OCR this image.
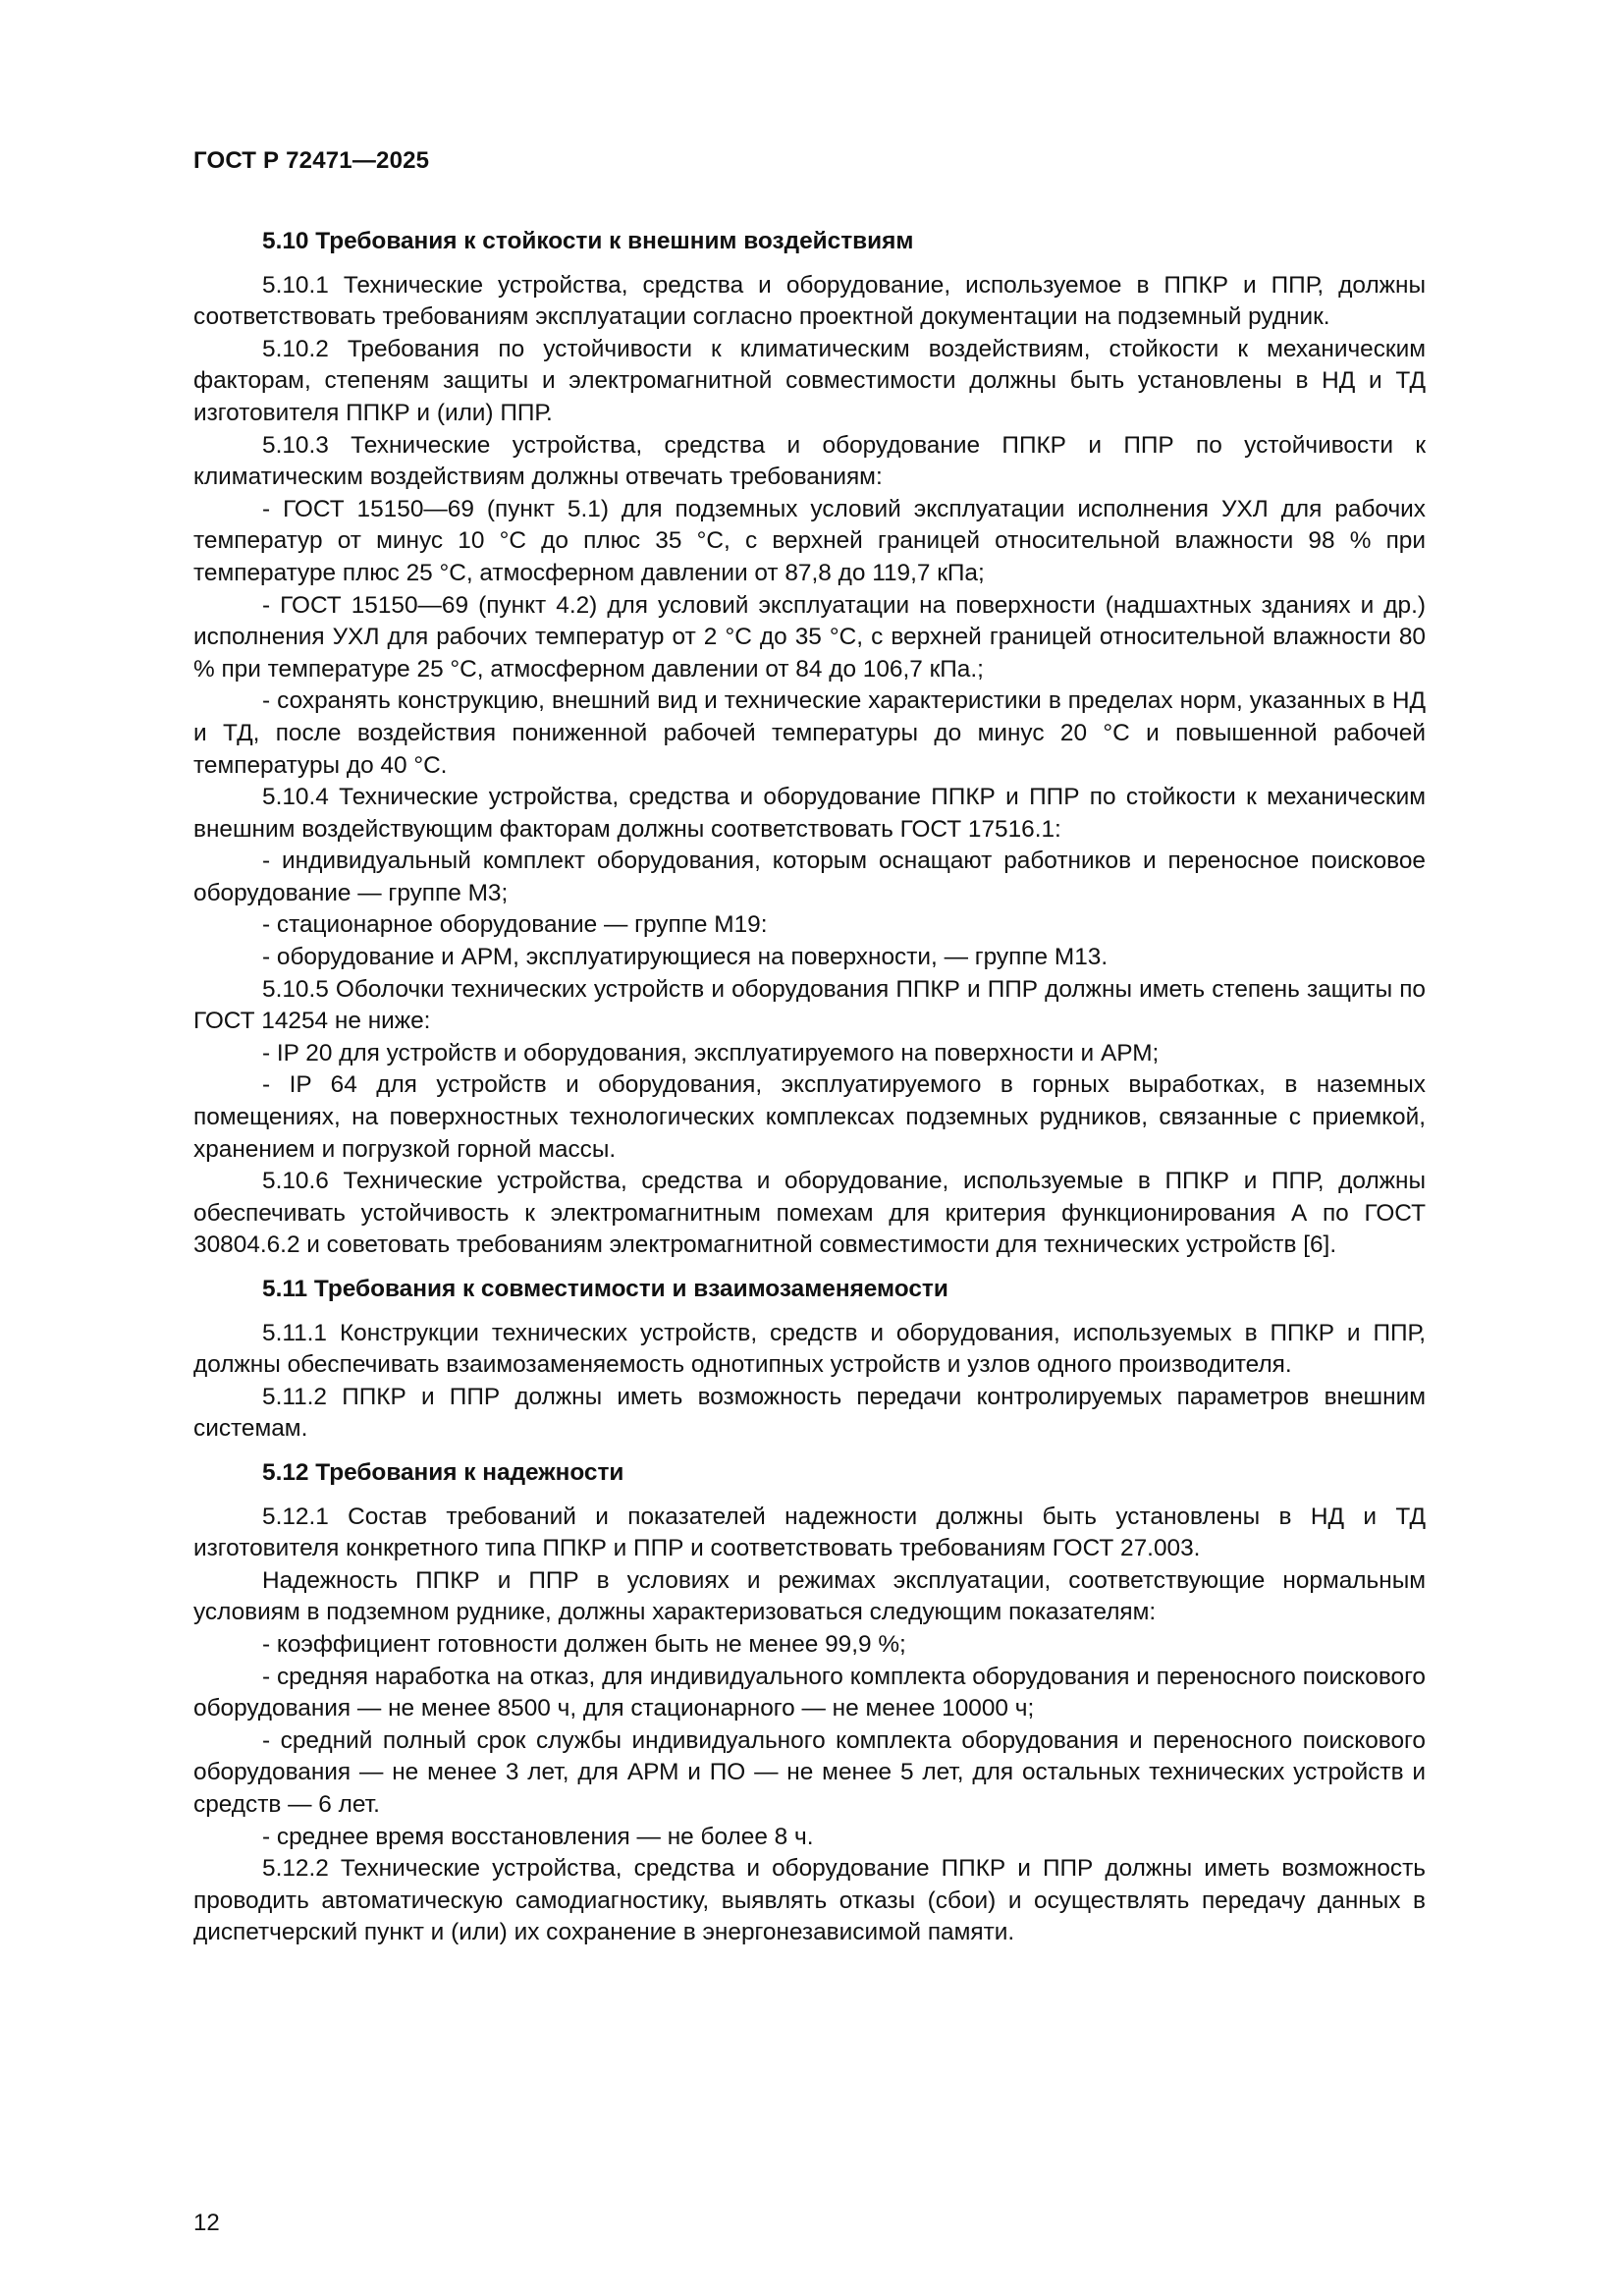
ГОСТ Р 72471—2025

5.10 Требования к стойкости к внешним воздействиям

5.10.1 Технические устройства, средства и оборудование, используемое в ППКР и ППР, должны соответствовать требованиям эксплуатации согласно проектной документации на подземный рудник.

5.10.2 Требования по устойчивости к климатическим воздействиям, стойкости к механическим факторам, степеням защиты и электромагнитной совместимости должны быть установлены в НД и ТД изготовителя ППКР и (или) ППР.

5.10.3 Технические устройства, средства и оборудование ППКР и ППР по устойчивости к климатическим воздействиям должны отвечать требованиям:

- ГОСТ 15150—69 (пункт 5.1) для подземных условий эксплуатации исполнения УХЛ для рабочих температур от минус 10 °С до плюс 35 °С, с верхней границей относительной влажности 98 % при температуре плюс 25 °С, атмосферном давлении от 87,8 до 119,7 кПа;

- ГОСТ 15150—69 (пункт 4.2) для условий эксплуатации на поверхности (надшахтных зданиях и др.) исполнения УХЛ для рабочих температур от 2 °С до 35 °С, с верхней границей относительной влажности 80 % при температуре 25 °С, атмосферном давлении от 84 до 106,7 кПа.;

- сохранять конструкцию, внешний вид и технические характеристики в пределах норм, указанных в НД и ТД, после воздействия пониженной рабочей температуры до минус 20 °С и повышенной рабочей температуры до 40 °С.

5.10.4 Технические устройства, средства и оборудование ППКР и ППР по стойкости к механическим внешним воздействующим факторам должны соответствовать ГОСТ 17516.1:

- индивидуальный комплект оборудования, которым оснащают работников и переносное поисковое оборудование — группе М3;

- стационарное оборудование — группе М19:

- оборудование и АРМ, эксплуатирующиеся на поверхности, — группе М13.

5.10.5 Оболочки технических устройств и оборудования ППКР и ППР должны иметь степень защиты по ГОСТ 14254 не ниже:

- IP 20 для устройств и оборудования, эксплуатируемого на поверхности и АРМ;

- IP 64 для устройств и оборудования, эксплуатируемого в горных выработках, в наземных помещениях, на поверхностных технологических комплексах подземных рудников, связанные с приемкой, хранением и погрузкой горной массы.

5.10.6 Технические устройства, средства и оборудование, используемые в ППКР и ППР, должны обеспечивать устойчивость к электромагнитным помехам для критерия функционирования А по ГОСТ 30804.6.2 и советовать требованиям электромагнитной совместимости для технических устройств [6].

5.11 Требования к совместимости и взаимозаменяемости

5.11.1 Конструкции технических устройств, средств и оборудования, используемых в ППКР и ППР, должны обеспечивать взаимозаменяемость однотипных устройств и узлов одного производителя.

5.11.2 ППКР и ППР должны иметь возможность передачи контролируемых параметров внешним системам.

5.12 Требования к надежности

5.12.1 Состав требований и показателей надежности должны быть установлены в НД и ТД изготовителя конкретного типа ППКР и ППР и соответствовать требованиям ГОСТ 27.003.

Надежность ППКР и ППР в условиях и режимах эксплуатации, соответствующие нормальным условиям в подземном руднике, должны характеризоваться следующим показателям:

- коэффициент готовности должен быть не менее 99,9 %;

- средняя наработка на отказ, для индивидуального комплекта оборудования и переносного поискового оборудования — не менее 8500 ч, для стационарного — не менее 10000 ч;

- средний полный срок службы индивидуального комплекта оборудования и переносного поискового оборудования — не менее 3 лет, для АРМ и ПО — не менее 5 лет, для остальных технических устройств и средств — 6 лет.

- среднее время восстановления — не более 8 ч.

5.12.2 Технические устройства, средства и оборудование ППКР и ППР должны иметь возможность проводить автоматическую самодиагностику, выявлять отказы (сбои) и осуществлять передачу данных в диспетчерский пункт и (или) их сохранение в энергонезависимой памяти.

12
